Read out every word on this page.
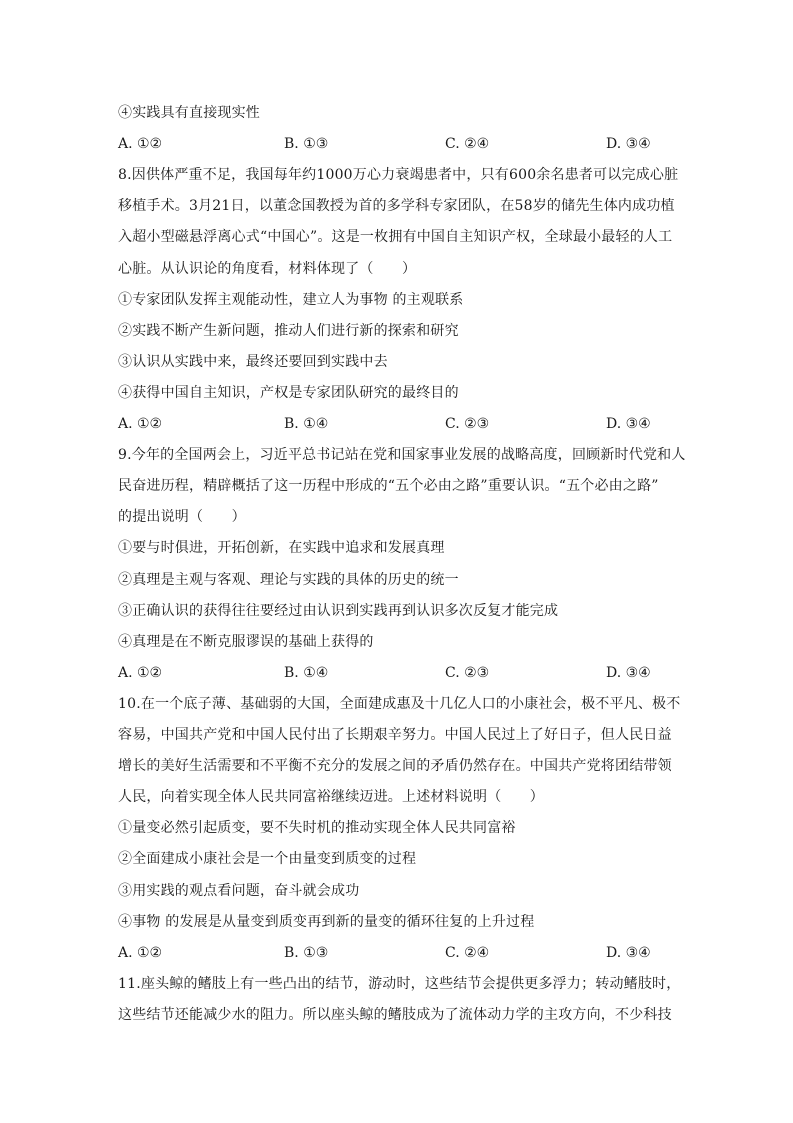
④实践具有直接现实性
A. ①②	B. ①③	C. ②④	D. ③④
8.因供体严重不足，我国每年约1000万心力衰竭患者中，只有600余名患者可以完成心脏
移植手术。3月21日，以董念国教授为首的多学科专家团队，在58岁的储先生体内成功植
入超小型磁悬浮离心式“中国心”。这是一枚拥有中国自主知识产权，全球最小最轻的人工
心脏。从认识论的角度看，材料体现了（　　）
①专家团队发挥主观能动性，建立人为事物 的主观联系
②实践不断产生新问题，推动人们进行新的探索和研究
③认识从实践中来，最终还要回到实践中去
④获得中国自主知识，产权是专家团队研究的最终目的
A. ①②	B. ①④	C. ②③	D. ③④
9.今年的全国两会上，习近平总书记站在党和国家事业发展的战略高度，回顾新时代党和人
民奋进历程，精辟概括了这一历程中形成的“五个必由之路”重要认识。“五个必由之路”
的提出说明（　　）
①要与时俱进，开拓创新，在实践中追求和发展真理
②真理是主观与客观、理论与实践的具体的历史的统一
③正确认识的获得往往要经过由认识到实践再到认识多次反复才能完成
④真理是在不断克服谬误的基础上获得的
A. ①②	B. ①④	C. ②③	D. ③④
10.在一个底子薄、基础弱的大国，全面建成惠及十几亿人口的小康社会，极不平凡、极不
容易，中国共产党和中国人民付出了长期艰辛努力。中国人民过上了好日子，但人民日益
增长的美好生活需要和不平衡不充分的发展之间的矛盾仍然存在。中国共产党将团结带领
人民，向着实现全体人民共同富裕继续迈进。上述材料说明（　　）
①量变必然引起质变，要不失时机的推动实现全体人民共同富裕
②全面建成小康社会是一个由量变到质变的过程
③用实践的观点看问题，奋斗就会成功
④事物 的发展是从量变到质变再到新的量变的循环往复的上升过程
A. ①②	B. ①③	C. ②④	D. ③④
11.座头鲸的鳍肢上有一些凸出的结节，游动时，这些结节会提供更多浮力；转动鳍肢时，
这些结节还能减少水的阻力。所以座头鲸的鳍肢成为了流体动力学的主攻方向，不少科技
